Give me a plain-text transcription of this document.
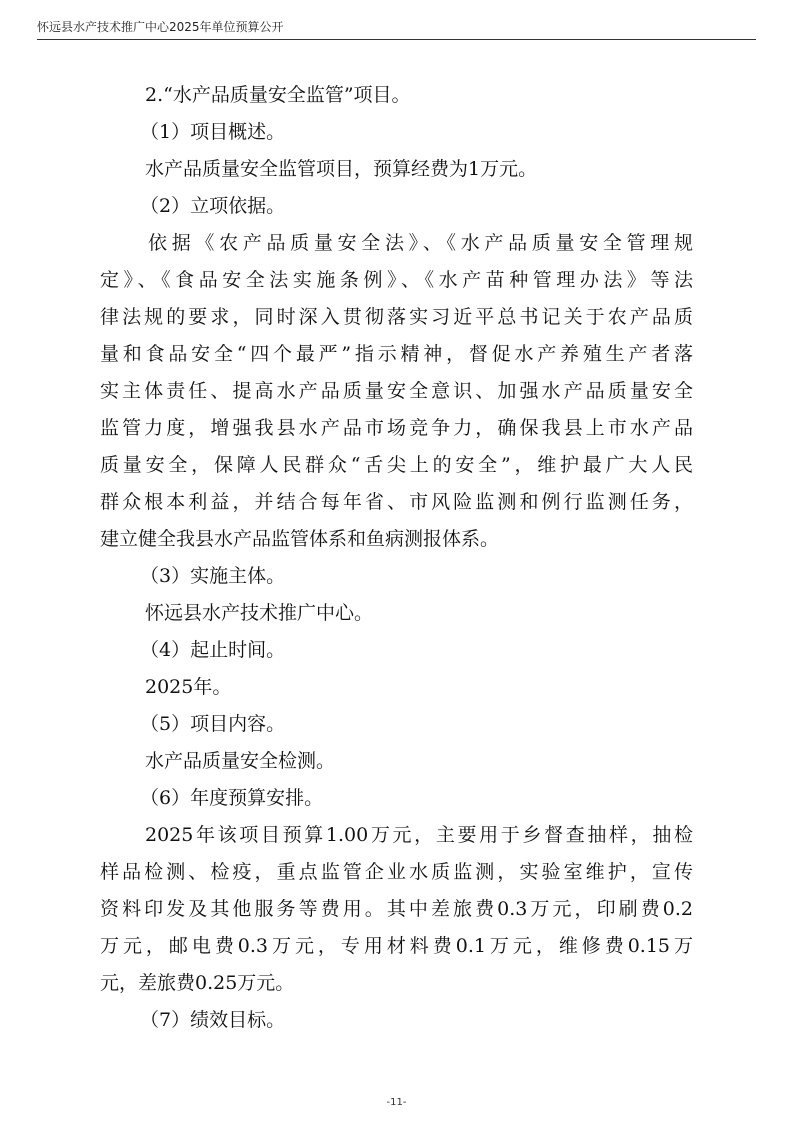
怀远县水产技术推广中心2025年单位预算公开
2.“水产品质量安全监管”项目。
（1）项目概述。
水产品质量安全监管项目，预算经费为1万元。
（2）立项依据。
依据《农产品质量安全法》、《水产品质量安全管理规
定》、《食品安全法实施条例》、《水产苗种管理办法》等法
律法规的要求，同时深入贯彻落实习近平总书记关于农产品质
量和食品安全“四个最严”指示精神，督促水产养殖生产者落
实主体责任、提高水产品质量安全意识、加强水产品质量安全
监管力度，增强我县水产品市场竞争力，确保我县上市水产品
质量安全，保障人民群众“舌尖上的安全”，维护最广大人民
群众根本利益，并结合每年省、市风险监测和例行监测任务，
建立健全我县水产品监管体系和鱼病测报体系。
（3）实施主体。
怀远县水产技术推广中心。
（4）起止时间。
2025年。
（5）项目内容。
水产品质量安全检测。
（6）年度预算安排。
2025年该项目预算1.00万元，主要用于乡督查抽样，抽检
样品检测、检疫，重点监管企业水质监测，实验室维护，宣传
资料印发及其他服务等费用。其中差旅费0.3万元，印刷费0.2
万元，邮电费0.3万元，专用材料费0.1万元，维修费0.15万
元，差旅费0.25万元。
（7）绩效目标。
-11-
